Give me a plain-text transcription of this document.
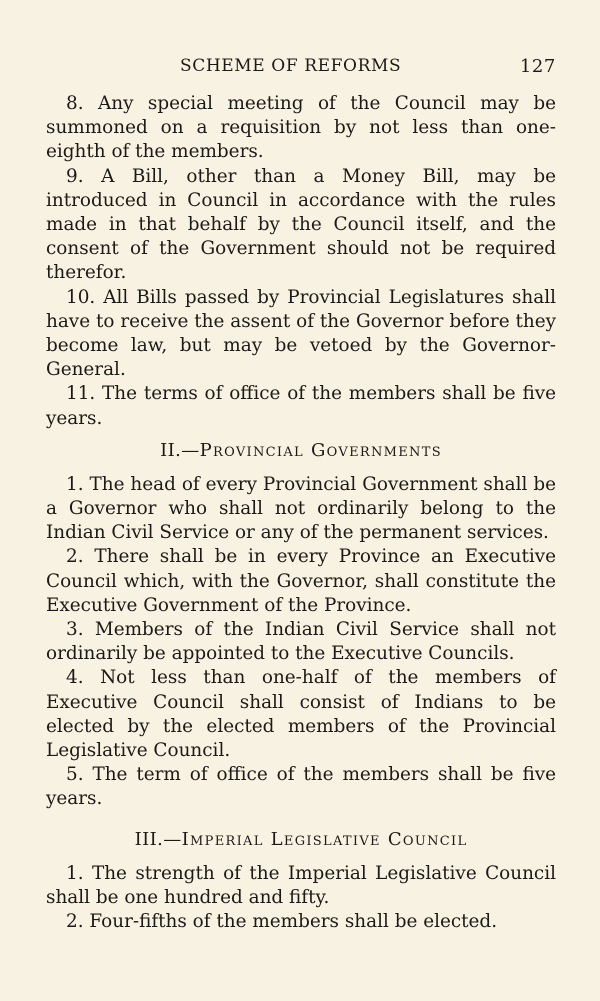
SCHEME OF REFORMS	127

8. Any special meeting of the Council may be summoned on a requisition by not less than one-eighth of the members.

9. A Bill, other than a Money Bill, may be introduced in Council in accordance with the rules made in that behalf by the Council itself, and the consent of the Government should not be required therefor.

10. All Bills passed by Provincial Legislatures shall have to receive the assent of the Governor before they become law, but may be vetoed by the Governor-General.

11. The terms of office of the members shall be five years.

II.—Provincial Governments

1. The head of every Provincial Government shall be a Governor who shall not ordinarily belong to the Indian Civil Service or any of the permanent services.

2. There shall be in every Province an Executive Council which, with the Governor, shall constitute the Executive Government of the Province.

3. Members of the Indian Civil Service shall not ordinarily be appointed to the Executive Councils.

4. Not less than one-half of the members of Executive Council shall consist of Indians to be elected by the elected members of the Provincial Legislative Council.

5. The term of office of the members shall be five years.

III.—Imperial Legislative Council

1. The strength of the Imperial Legislative Council shall be one hundred and fifty.

2. Four-fifths of the members shall be elected.
